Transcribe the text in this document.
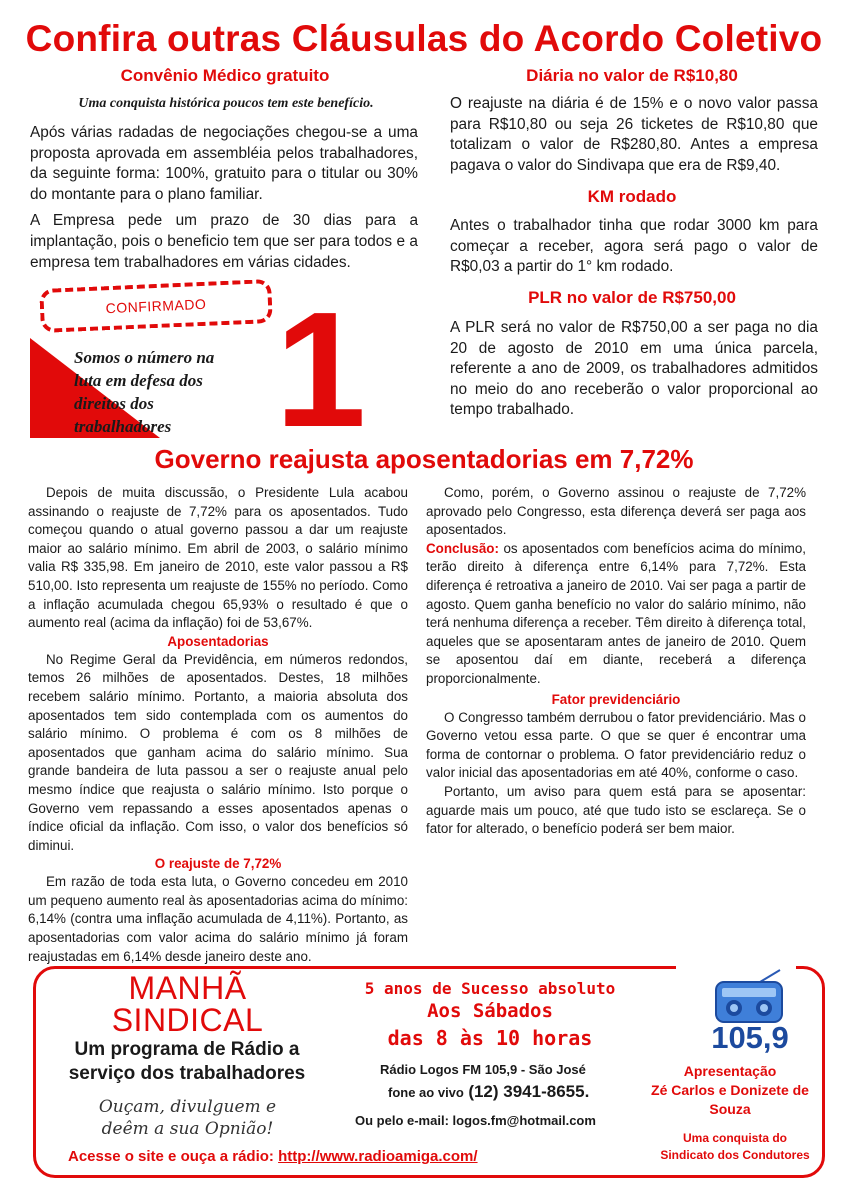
Confira outras Cláusulas do Acordo Coletivo
Convênio Médico gratuito
Uma conquista histórica poucos tem este benefício.

Após várias radadas de negociações chegou-se a uma proposta aprovada em assembléia pelos trabalhadores, da seguinte forma: 100%, gratuito para o titular ou 30% do montante para o plano familiar.

A Empresa pede um prazo de 30 dias para a implantação, pois o beneficio tem que ser para todos e a empresa tem trabalhadores em várias cidades.

CONFIRMADO
Somos o número na luta em defesa dos direitos dos trabalhadores 1
Diária no valor de R$10,80
O reajuste na diária é de 15% e o novo valor passa para R$10,80 ou seja 26 ticketes de R$10,80 que totalizam o valor de R$280,80. Antes a empresa pagava o valor do Sindivapa que era de R$9,40.
KM rodado
Antes o trabalhador tinha que rodar 3000 km para começar a receber, agora será pago o valor de R$0,03 a partir do 1° km rodado.
PLR no valor de R$750,00
A PLR será no valor de R$750,00 a ser paga no dia 20 de agosto de 2010 em uma única parcela, referente a ano de 2009, os trabalhadores admitidos no meio do ano receberão o valor proporcional ao tempo trabalhado.
Governo reajusta aposentadorias em 7,72%

Depois de muita discussão, o Presidente Lula acabou assinando o reajuste de 7,72% para os aposentados. Tudo começou quando o atual governo passou a dar um reajuste maior ao salário mínimo. Em abril de 2003, o salário mínimo valia R$ 335,98. Em janeiro de 2010, este valor passou a R$ 510,00. Isto representa um reajuste de 155% no período. Como a inflação acumulada chegou 65,93% o resultado é que o aumento real (acima da inflação) foi de 53,67%.

Aposentadorias

No Regime Geral da Previdência, em números redondos, temos 26 milhões de aposentados. Destes, 18 milhões recebem salário mínimo. Portanto, a maioria absoluta dos aposentados tem sido contemplada com os aumentos do salário mínimo. O problema é com os 8 milhões de aposentados que ganham acima do salário mínimo. Sua grande bandeira de luta passou a ser o reajuste anual pelo mesmo índice que reajusta o salário mínimo. Isto porque o Governo vem repassando a esses aposentados apenas o índice oficial da inflação. Com isso, o valor dos benefícios só diminui.

O reajuste de 7,72%

Em razão de toda esta luta, o Governo concedeu em 2010 um pequeno aumento real às aposentadorias acima do mínimo: 6,14% (contra uma inflação acumulada de 4,11%). Portanto, as aposentadorias com valor acima do salário mínimo já foram reajustadas em 6,14% desde janeiro deste ano.

Como, porém, o Governo assinou o reajuste de 7,72% aprovado pelo Congresso, esta diferença deverá ser paga aos aposentados.

Conclusão: os aposentados com benefícios acima do mínimo, terão direito à diferença entre 6,14% para 7,72%. Esta diferença é retroativa a janeiro de 2010. Vai ser paga a partir de agosto. Quem ganha benefício no valor do salário mínimo, não terá nenhuma diferença a receber. Têm direito à diferença total, aqueles que se aposentaram antes de janeiro de 2010. Quem se aposentou daí em diante, receberá a diferença proporcionalmente.

Fator previdenciário

O Congresso também derrubou o fator previdenciário. Mas o Governo vetou essa parte. O que se quer é encontrar uma forma de contornar o problema. O fator previdenciário reduz o valor inicial das aposentadorias em até 40%, conforme o caso.

Portanto, um aviso para quem está para se aposentar: aguarde mais um pouco, até que tudo isto se esclareça. Se o fator for alterado, o benefício poderá ser bem maior.

MANHÃ
SINDICAL
Um programa de Rádio a serviço dos trabalhadores
Ouçam, divulguem e deêm a sua Opnião!
Acesse o site e ouça a rádio: http://www.radioamiga.com/
5 anos de Sucesso absoluto
Aos Sábados
das 8 às 10 horas
Rádio Logos FM 105,9 - São José
fone ao vivo (12) 3941-8655.
Ou pelo e-mail: logos.fm@hotmail.com
105,9
Apresentação
Zé Carlos e Donizete de Souza
Uma conquista do Sindicato dos Condutores
